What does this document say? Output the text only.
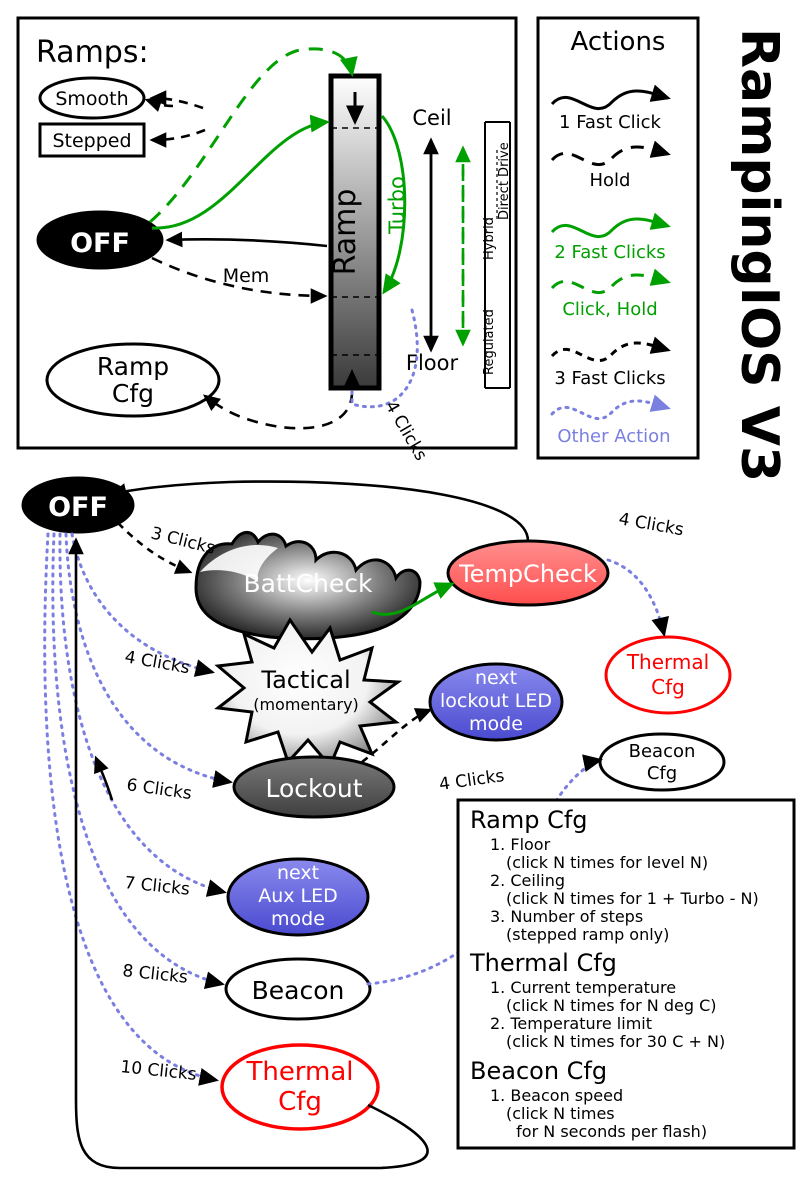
RampingIOS V3
Ramps:
Smooth
Stepped
OFF
Ramp
Cfg
Ramp Turbo
Ceil
Floor
Mem
4 Clicks
Regulated
Hybrid
Direct Drive
Actions
1 Fast Click
Hold
2 Fast Clicks
Click, Hold
3 Fast Clicks
Other Action
OFF
BattCheck	TempCheck
Thermal
Cfg
Tactical
(momentary)
next
lockout LED
mode
Beacon
Cfg
Lockout
next
Aux LED
mode
Beacon
Thermal
Cfg
3 Clicks	4 Clicks
4 Clicks
6 Clicks
7 Clicks
8 Clicks
10 Clicks
4 Clicks
Ramp Cfg
1. Floor
(click N times for level N)
2. Ceiling
(click N times for 1 + Turbo - N)
3. Number of steps
(stepped ramp only)
Thermal Cfg
1. Current temperature
(click N times for N deg C)
2. Temperature limit
(click N times for 30 C + N)
Beacon Cfg
1. Beacon speed
(click N times
for N seconds per flash)
